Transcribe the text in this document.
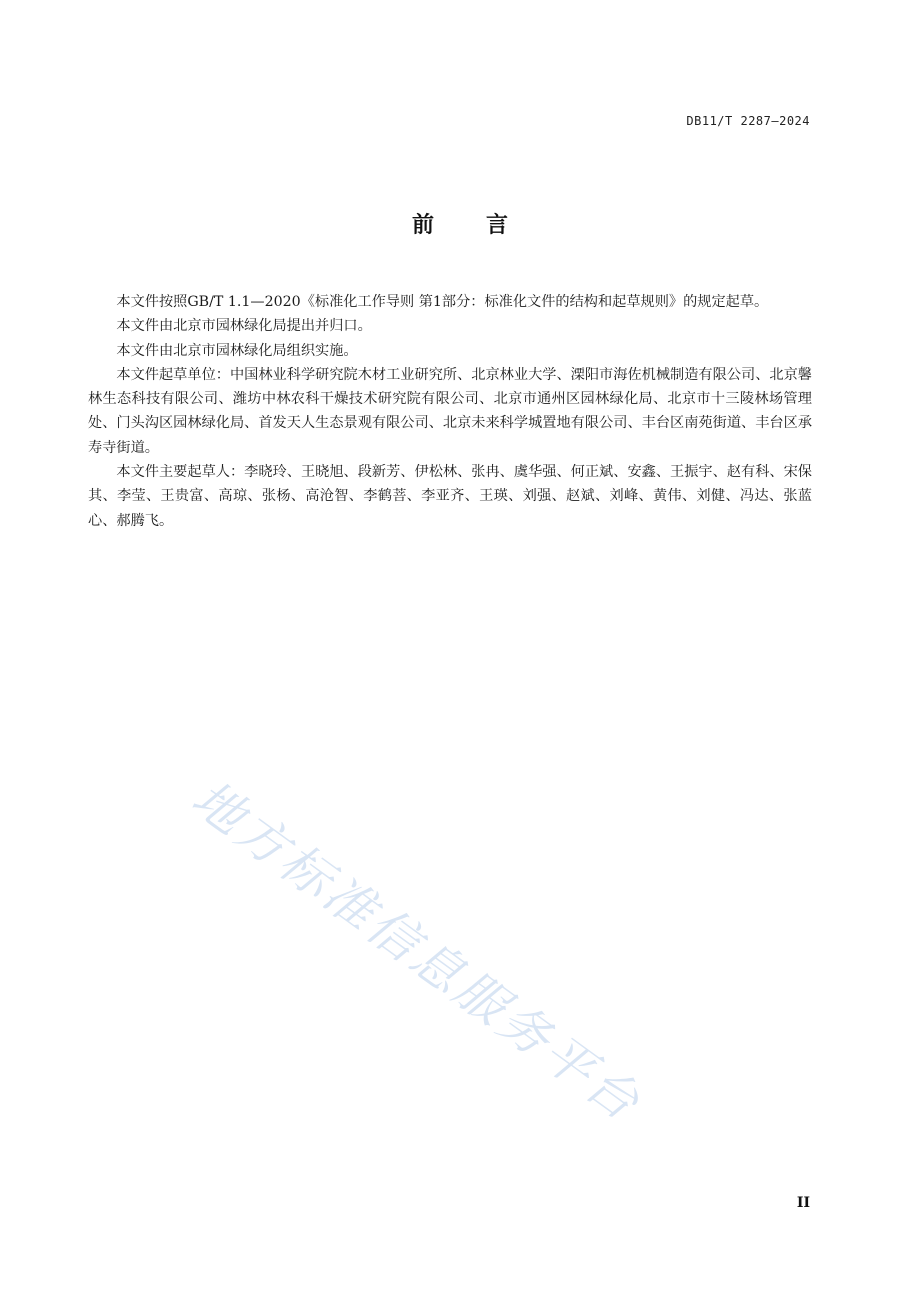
DB11/T 2287—2024
前言

本文件按照GB/T 1.1—2020《标准化工作导则 第1部分：标准化文件的结构和起草规则》的规定起草。

本文件由北京市园林绿化局提出并归口。

本文件由北京市园林绿化局组织实施。

本文件起草单位：中国林业科学研究院木材工业研究所、北京林业大学、溧阳市海佐机械制造有限公司、北京馨林生态科技有限公司、潍坊中林农科干燥技术研究院有限公司、北京市通州区园林绿化局、北京市十三陵林场管理处、门头沟区园林绿化局、首发天人生态景观有限公司、北京未来科学城置地有限公司、丰台区南苑街道、丰台区承寿寺街道。

本文件主要起草人：李晓玲、王晓旭、段新芳、伊松林、张冉、虞华强、何正斌、安鑫、王振宇、赵有科、宋保其、李莹、王贵富、高琼、张杨、高沧智、李鹤菩、李亚齐、王瑛、刘强、赵斌、刘峰、黄伟、刘健、冯达、张蓝心、郝腾飞。

地方标准信息服务平台
II
